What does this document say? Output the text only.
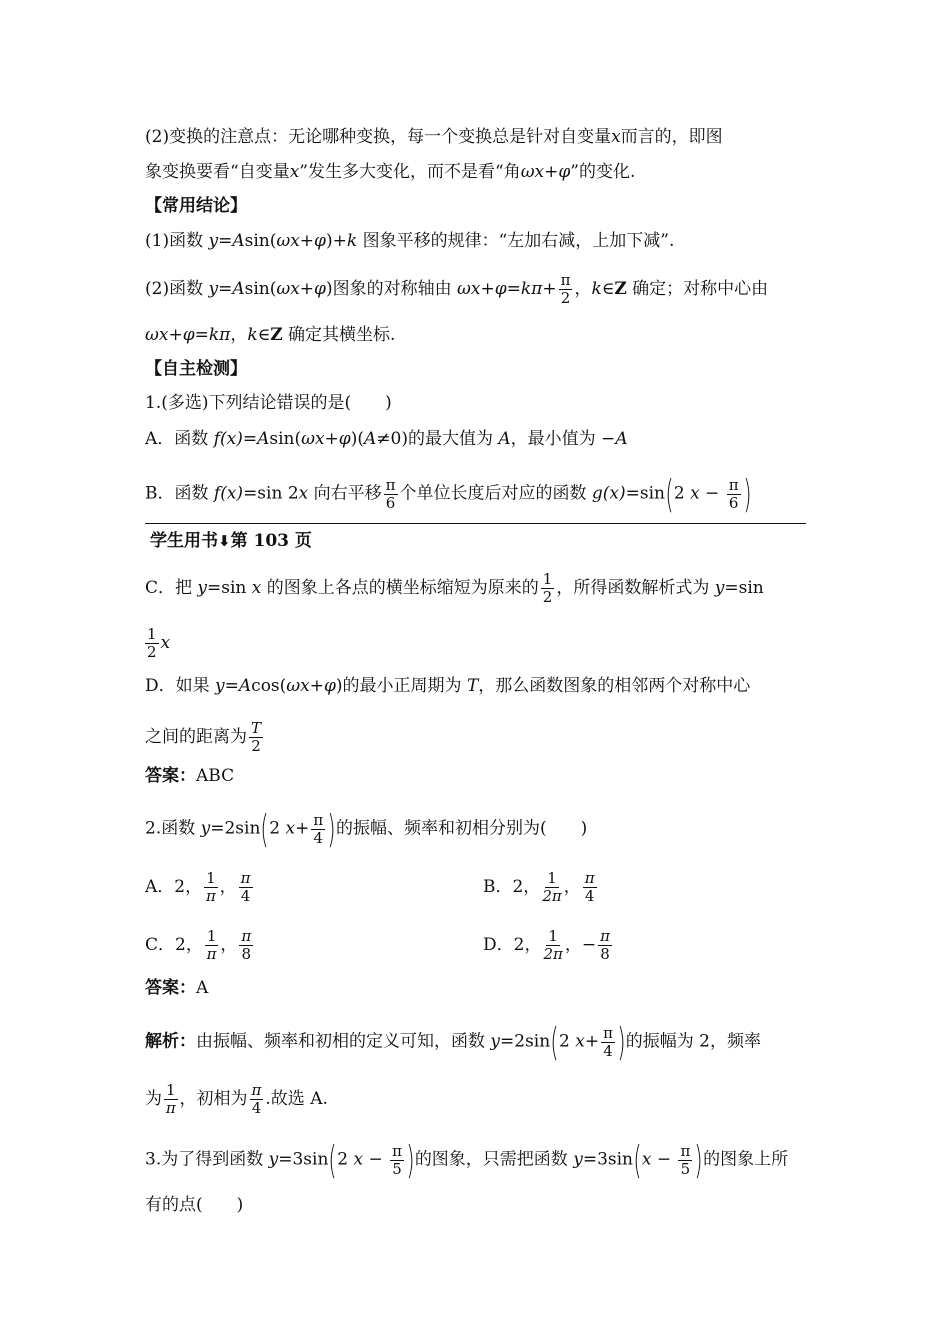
(2)变换的注意点：无论哪种变换，每一个变换总是针对自变量x而言的，即图
象变换要看“自变量x”发生多大变化，而不是看“角ωx+φ”的变化.
【常用结论】
(1)函数 y=Asin(ωx+φ)+k 图象平移的规律：“左加右减，上加下减”.
(2)函数 y=Asin(ωx+φ)图象的对称轴由 $\omega x+\varphi=k\pi+ \frac{\pi}{2}$ ，k∈Z 确定；对称中心由
ωx+φ=kπ，k∈Z 确定其横坐标.
【自主检测】
1.(多选)下列结论错误的是(　　)
A．函数 f(x)=Asin(ωx+φ)(A≠0)的最大值为 A，最小值为 −A
B．函数 f(x)=sin 2x 向右平移 $\frac{\pi}{6}$ 个单位长度后对应的函数 g(x)=sin(2 $x - \frac{\pi}{6}$ )
学生用书⬇第 103 页
C．把 y=sin x 的图象上各点的横坐标缩短为原来的 $\frac{1}{2}$ ，所得函数解析式为 y=sin
$\frac{1}{2}$ x
D．如果 y=Acos(ωx+φ)的最小正周期为 T，那么函数图象的相邻两个对称中心
之间的距离为 $\frac{T}{2}$
答案：ABC
2.函数 y=2sin(2 $x+ \frac{\pi}{4}$ )的振幅、频率和初相分别为(　　)
A．2， $\frac{1}{\pi}$ ， $\frac{\pi}{4}$	B．2， $\frac{1}{2\pi}$ ， $\frac{\pi}{4}$
C．2， $\frac{1}{\pi}$ ， $\frac{\pi}{8}$	D．2， $\frac{1}{2\pi}$ ，− $\frac{\pi}{8}$
答案：A
解析：由振幅、频率和初相的定义可知，函数 y=2sin(2 $x+ \frac{\pi}{4}$ )的振幅为 2，频率
为 $\frac{1}{\pi}$ ，初相为 $\frac{\pi}{4}$ .故选 A.
3.为了得到函数 y=3sin(2 $x - \frac{\pi}{5}$ )的图象，只需把函数 $y=3\sin(x - \frac{\pi}{5}$ )的图象上所
有的点(　　)
